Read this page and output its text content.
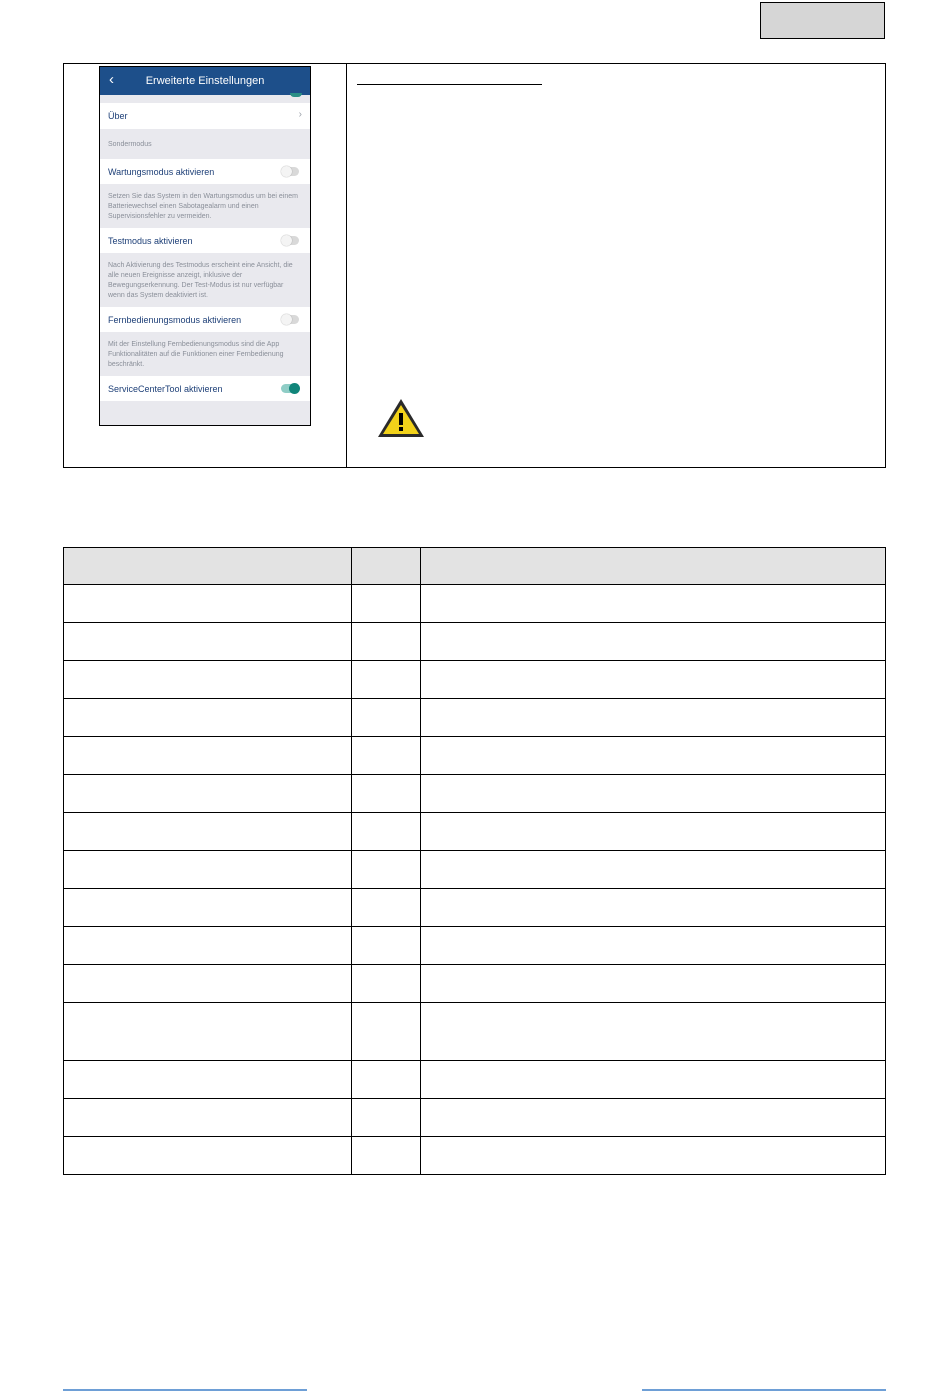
‹	Erweiterte Einstellungen
Über	›
Sondermodus
Wartungsmodus aktivieren
Setzen Sie das System in den Wartungsmodus um bei einem Batteriewechsel einen Sabotagealarm und einen Supervisionsfehler zu vermeiden.
Testmodus aktivieren
Nach Aktivierung des Testmodus erscheint eine Ansicht, die alle neuen Ereignisse anzeigt, inklusive der Bewegungserkennung. Der Test-Modus ist nur verfügbar wenn das System deaktiviert ist.
Fernbedienungsmodus aktivieren
Mit der Einstellung Fernbedienungsmodus sind die App Funktionalitäten auf die Funktionen einer Fernbedienung beschränkt.
ServiceCenterTool aktivieren
